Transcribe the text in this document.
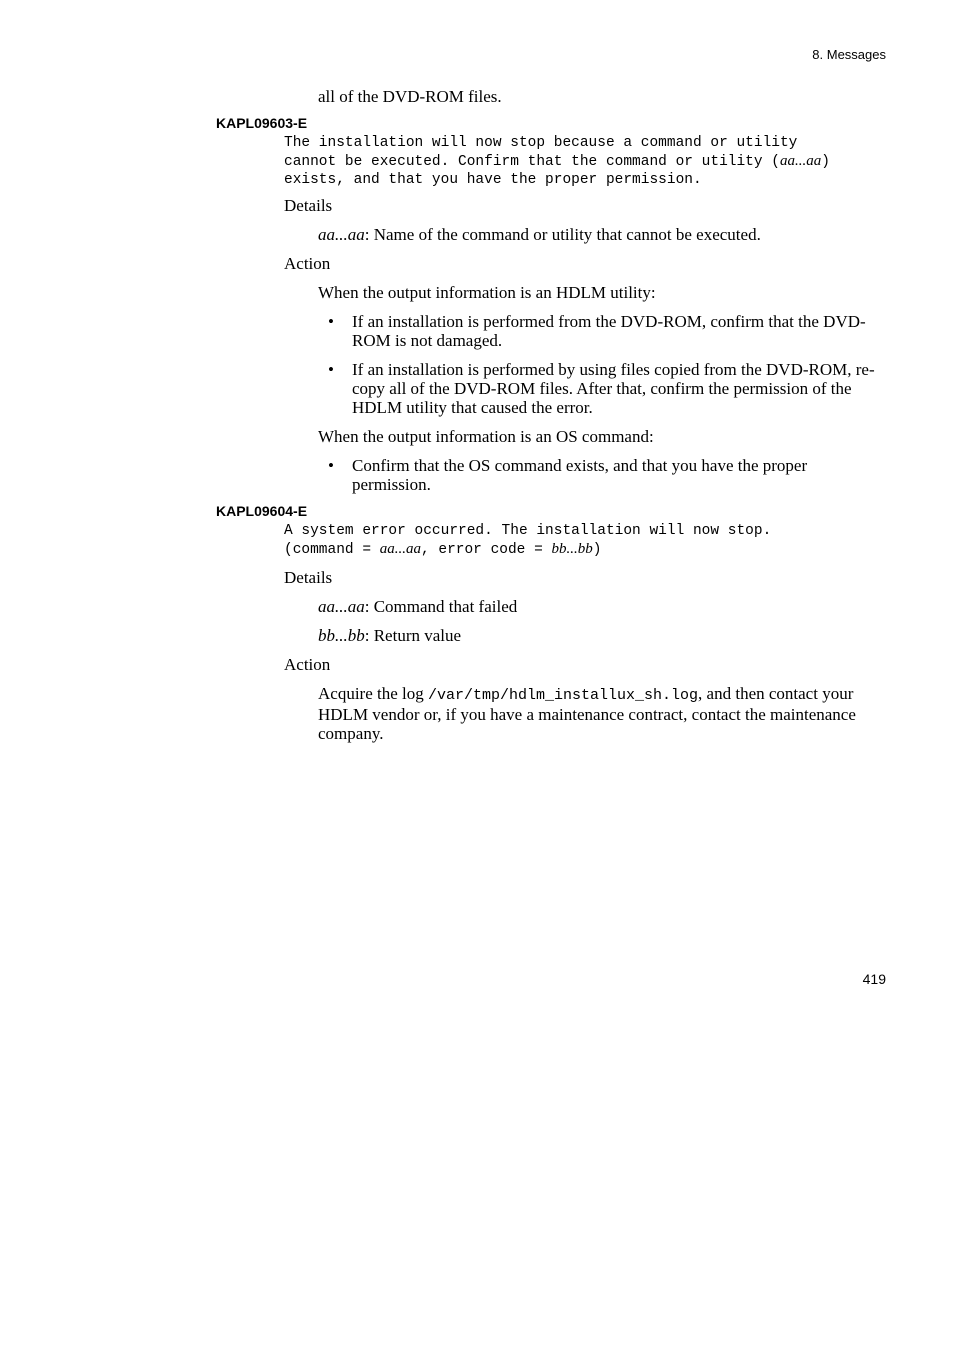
8. Messages
all of the DVD-ROM files.
KAPL09603-E
The installation will now stop because a command or utility
cannot be executed. Confirm that the command or utility (aa...aa)
exists, and that you have the proper permission.
Details
aa...aa: Name of the command or utility that cannot be executed.
Action
When the output information is an HDLM utility:
• If an installation is performed from the DVD-ROM, confirm that the DVD-ROM is not damaged.
• If an installation is performed by using files copied from the DVD-ROM, re-copy all of the DVD-ROM files. After that, confirm the permission of the HDLM utility that caused the error.
When the output information is an OS command:
• Confirm that the OS command exists, and that you have the proper permission.
KAPL09604-E
A system error occurred. The installation will now stop.
(command = aa...aa, error code = bb...bb)
Details
aa...aa: Command that failed
bb...bb: Return value
Action
Acquire the log /var/tmp/hdlm_installux_sh.log, and then contact your HDLM vendor or, if you have a maintenance contract, contact the maintenance company.
419
